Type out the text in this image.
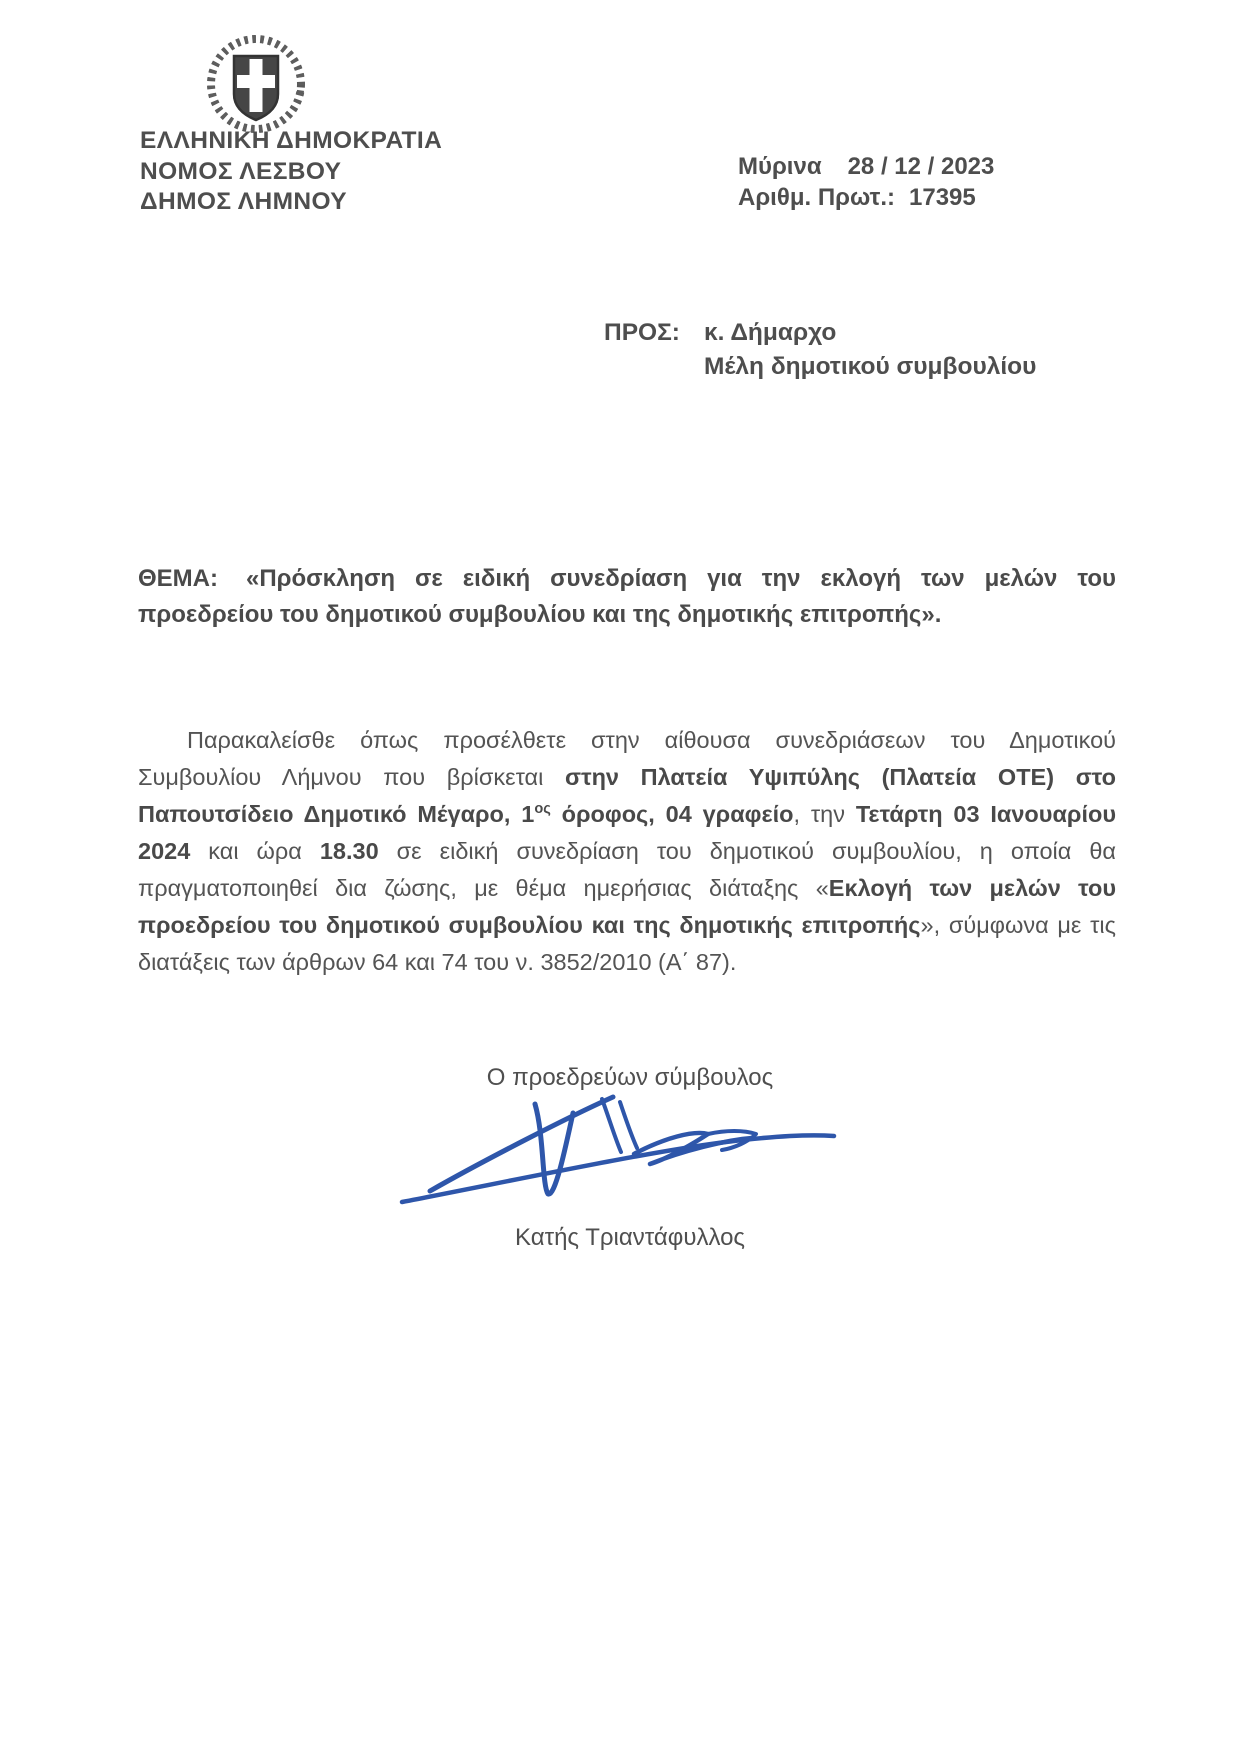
ΕΛΛΗΝΙΚΗ ΔΗΜΟΚΡΑΤΙΑ
ΝΟΜΟΣ ΛΕΣΒΟΥ
ΔΗΜΟΣ ΛΗΜΝΟΥ
Μύρινα 28 / 12 / 2023
Αριθμ. Πρωτ.: 17395
ΠΡΟΣ: κ. Δήμαρχο
Μέλη δημοτικού συμβουλίου

ΘΕΜΑ: «Πρόσκληση σε ειδική συνεδρίαση για την εκλογή των μελών του προεδρείου του δημοτικού συμβουλίου και της δημοτικής επιτροπής».

Παρακαλείσθε όπως προσέλθετε στην αίθουσα συνεδριάσεων του Δημοτικού Συμβουλίου Λήμνου που βρίσκεται στην Πλατεία Υψιπύλης (Πλατεία ΟΤΕ) στο Παπουτσίδειο Δημοτικό Μέγαρο, $1^{o\varsigma}$ όροφος, 04 γραφείο, την Τετάρτη 03 Ιανουαρίου 2024 και ώρα 18.30 σε ειδική συνεδρίαση του δημοτικού συμβουλίου, η οποία θα πραγματοποιηθεί δια ζώσης, με θέμα ημερήσιας διάταξης «Εκλογή των μελών του προεδρείου του δημοτικού συμβουλίου και της δημοτικής επιτροπής», σύμφωνα με τις διατάξεις των άρθρων 64 και 74 του ν. 3852/2010 (Α΄ 87).

Ο προεδρεύων σύμβουλος
Κατής Τριαντάφυλλος
